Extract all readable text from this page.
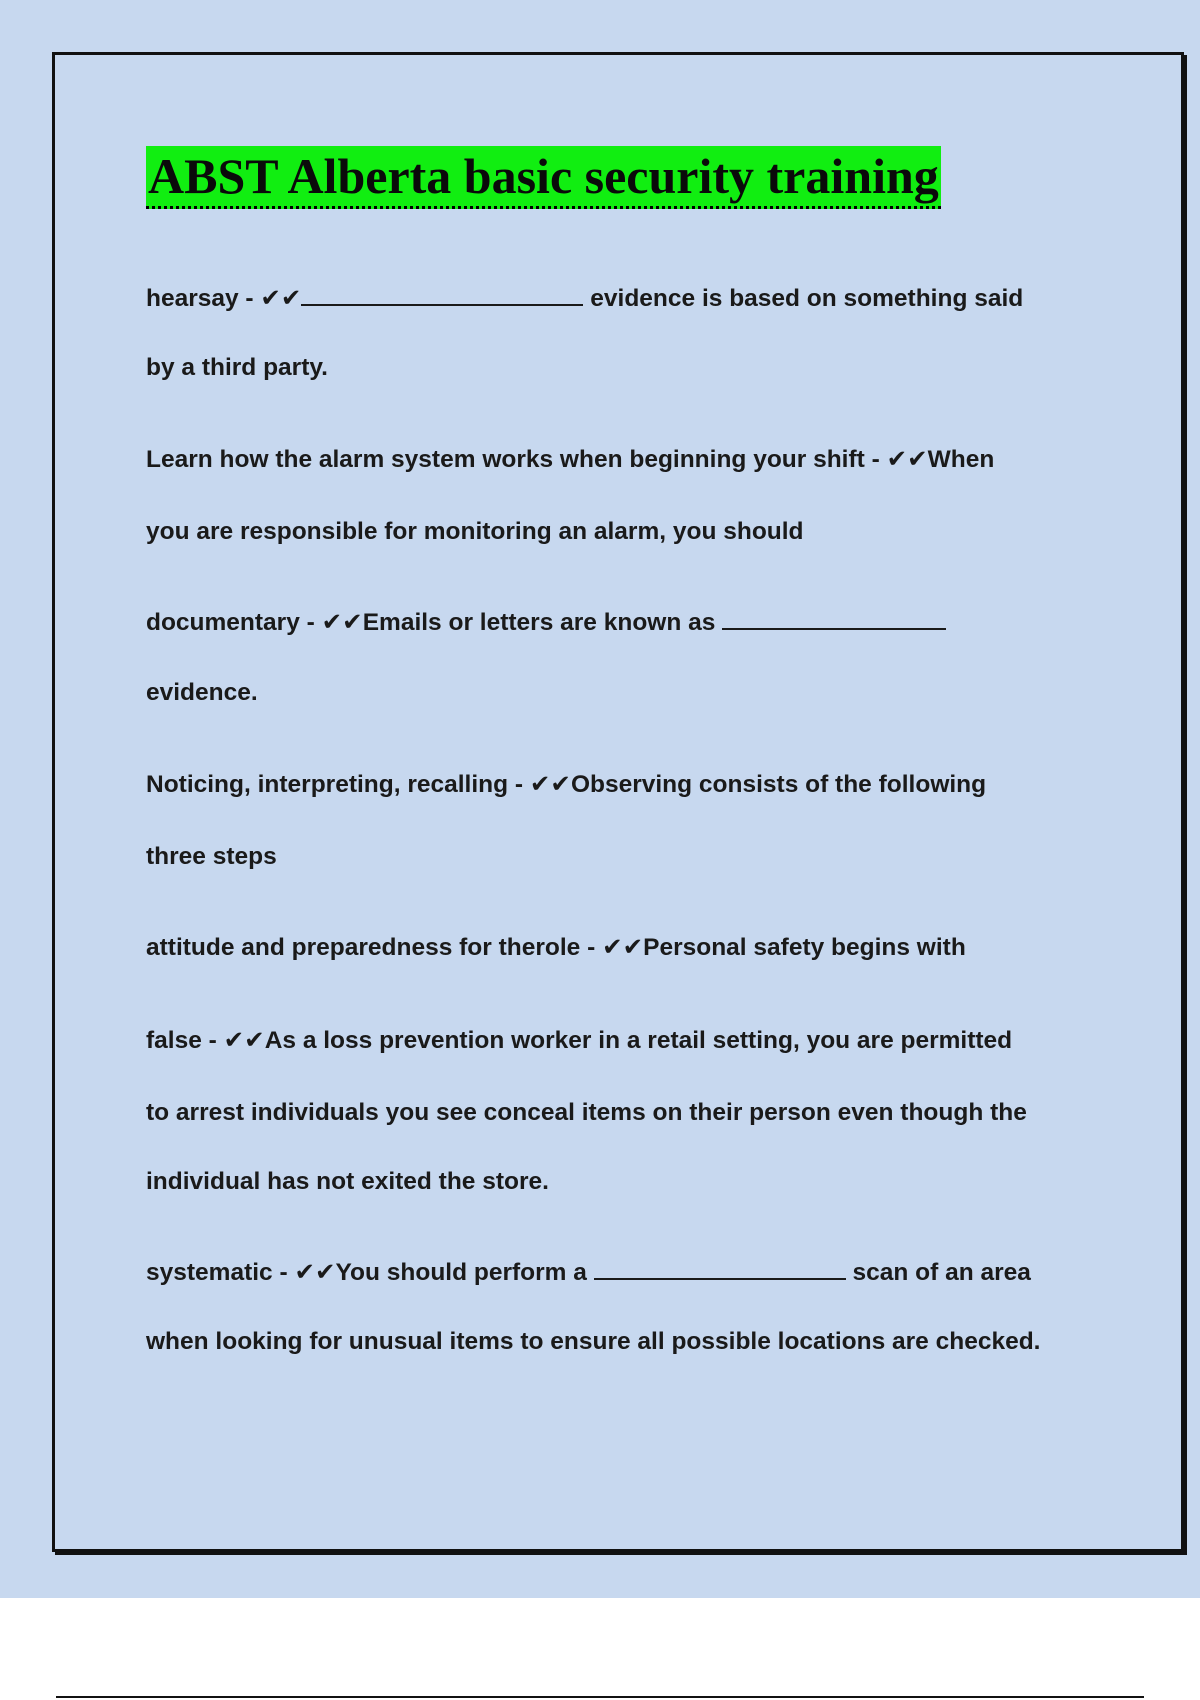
ABST Alberta basic security training
hearsay - ✔✔	evidence is based on something said
by a third party.
Learn how the alarm system works when beginning your shift - ✔✔When
you are responsible for monitoring an alarm, you should
documentary - ✔✔Emails or letters are known as
evidence.
Noticing, interpreting, recalling - ✔✔Observing consists of the following
three steps
attitude and preparedness for therole - ✔✔Personal safety begins with
false - ✔✔As a loss prevention worker in a retail setting, you are permitted
to arrest individuals you see conceal items on their person even though the
individual has not exited the store.
systematic - ✔✔You should perform a	scan of an area
when looking for unusual items to ensure all possible locations are checked.
